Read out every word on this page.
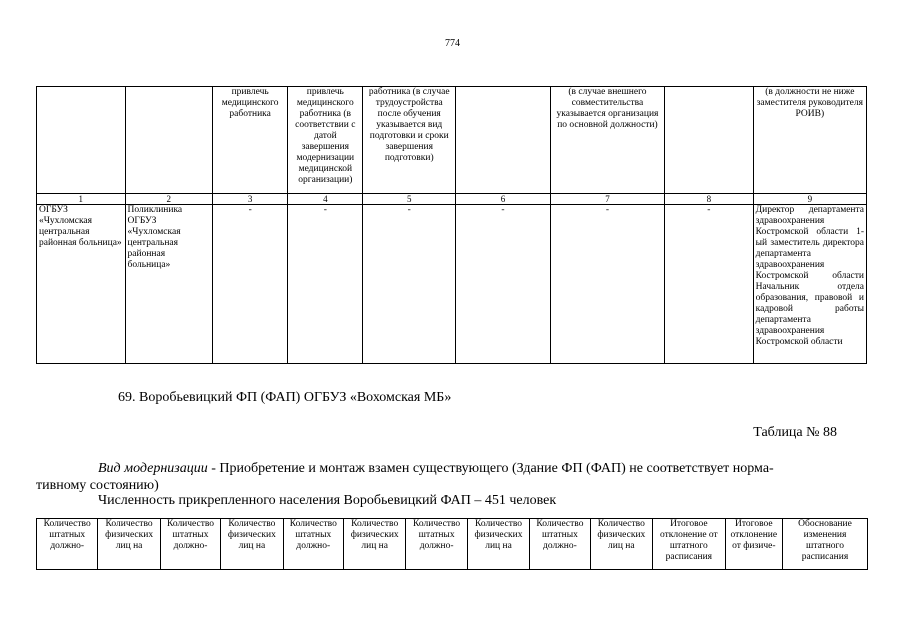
774
		привлечь медицинского работника	привлечь медицинского работника (в соответствии с датой завершения модернизации медицинской организации)	работника (в случае трудоустройства после обучения указывается вид подготовки и сроки завершения подготовки)		(в случае внешнего совместительства указывается организация по основной должности)		(в должности не ниже заместителя руководителя РОИВ)
1	2	3	4	5	6	7	8	9
ОГБУЗ «Чухломская центральная районная больница»	Поликлиника ОГБУЗ «Чухломская центральная районная больница»	-	-	-	-	-	-	Директор департамента здравоохранения Костромской области 1-ый заместитель директора департамента здравоохранения Костромской области Начальник отдела образования, правовой и кадровой работы департамента здравоохранения Костромской области
69. Воробьевицкий ФП (ФАП) ОГБУЗ «Вохомская МБ»
Таблица № 88
Вид модернизации - Приобретение и монтаж взамен существующего (Здание ФП (ФАП) не соответствует норма-
тивному состоянию)
Численность прикрепленного населения Воробьевицкий ФАП – 451 человек
Количество штатных должно-	Количество физических лиц на	Количество штатных должно-	Количество физических лиц на	Количество штатных должно-	Количество физических лиц на	Количество штатных должно-	Количество физических лиц на	Количество штатных должно-	Количество физических лиц на	Итоговое отклонение от штатного расписания	Итоговое отклонение от физиче-	Обоснование изменения штатного расписания
